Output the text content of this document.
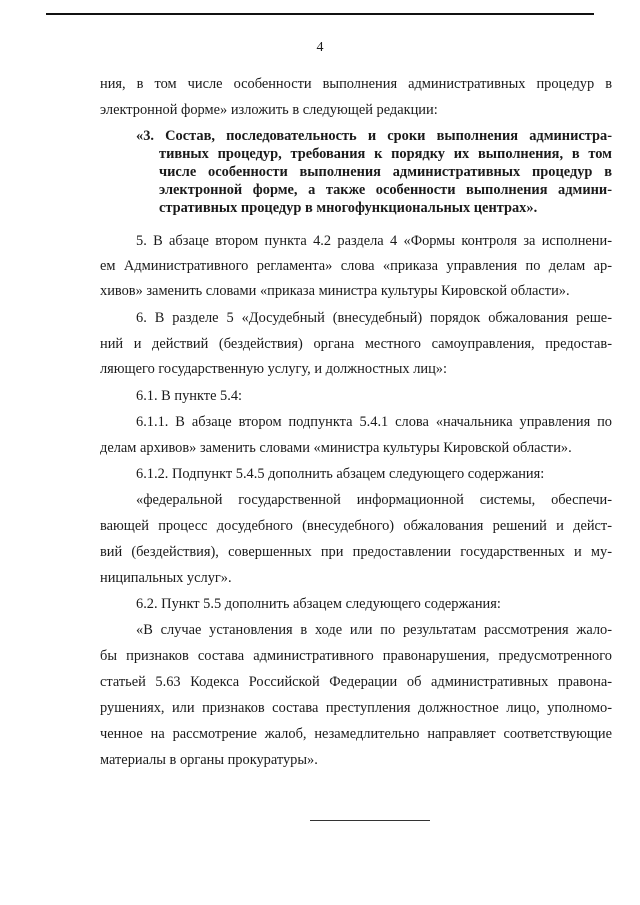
4
ния, в том числе особенности выполнения административных процедур в
электронной форме» изложить в следующей редакции:
«3. Состав, последовательность и сроки выполнения администра-
тивных процедур, требования к порядку их выполнения, в том
числе особенности выполнения административных процедур в
электронной форме, а также особенности выполнения админи-
стративных процедур в многофункциональных центрах».
5. В абзаце втором пункта 4.2 раздела 4 «Формы контроля за исполнени-
ем Административного регламента» слова «приказа управления по делам ар-
хивов» заменить словами «приказа министра культуры Кировской области».
6. В разделе 5 «Досудебный (внесудебный) порядок обжалования реше-
ний и действий (бездействия) органа местного самоуправления, предостав-
ляющего государственную услугу, и должностных лиц»:
6.1. В пункте 5.4:
6.1.1. В абзаце втором подпункта 5.4.1 слова «начальника управления по
делам архивов» заменить словами «министра культуры Кировской области».
6.1.2. Подпункт 5.4.5 дополнить абзацем следующего содержания:
«федеральной государственной информационной системы, обеспечи-
вающей процесс досудебного (внесудебного) обжалования решений и дейст-
вий (бездействия), совершенных при предоставлении государственных и му-
ниципальных услуг».
6.2. Пункт 5.5 дополнить абзацем следующего содержания:
«В случае установления в ходе или по результатам рассмотрения жало-
бы признаков состава административного правонарушения, предусмотренного
статьей 5.63 Кодекса Российской Федерации об административных правона-
рушениях, или признаков состава преступления должностное лицо, уполномо-
ченное на рассмотрение жалоб, незамедлительно направляет соответствующие
материалы в органы прокуратуры».
